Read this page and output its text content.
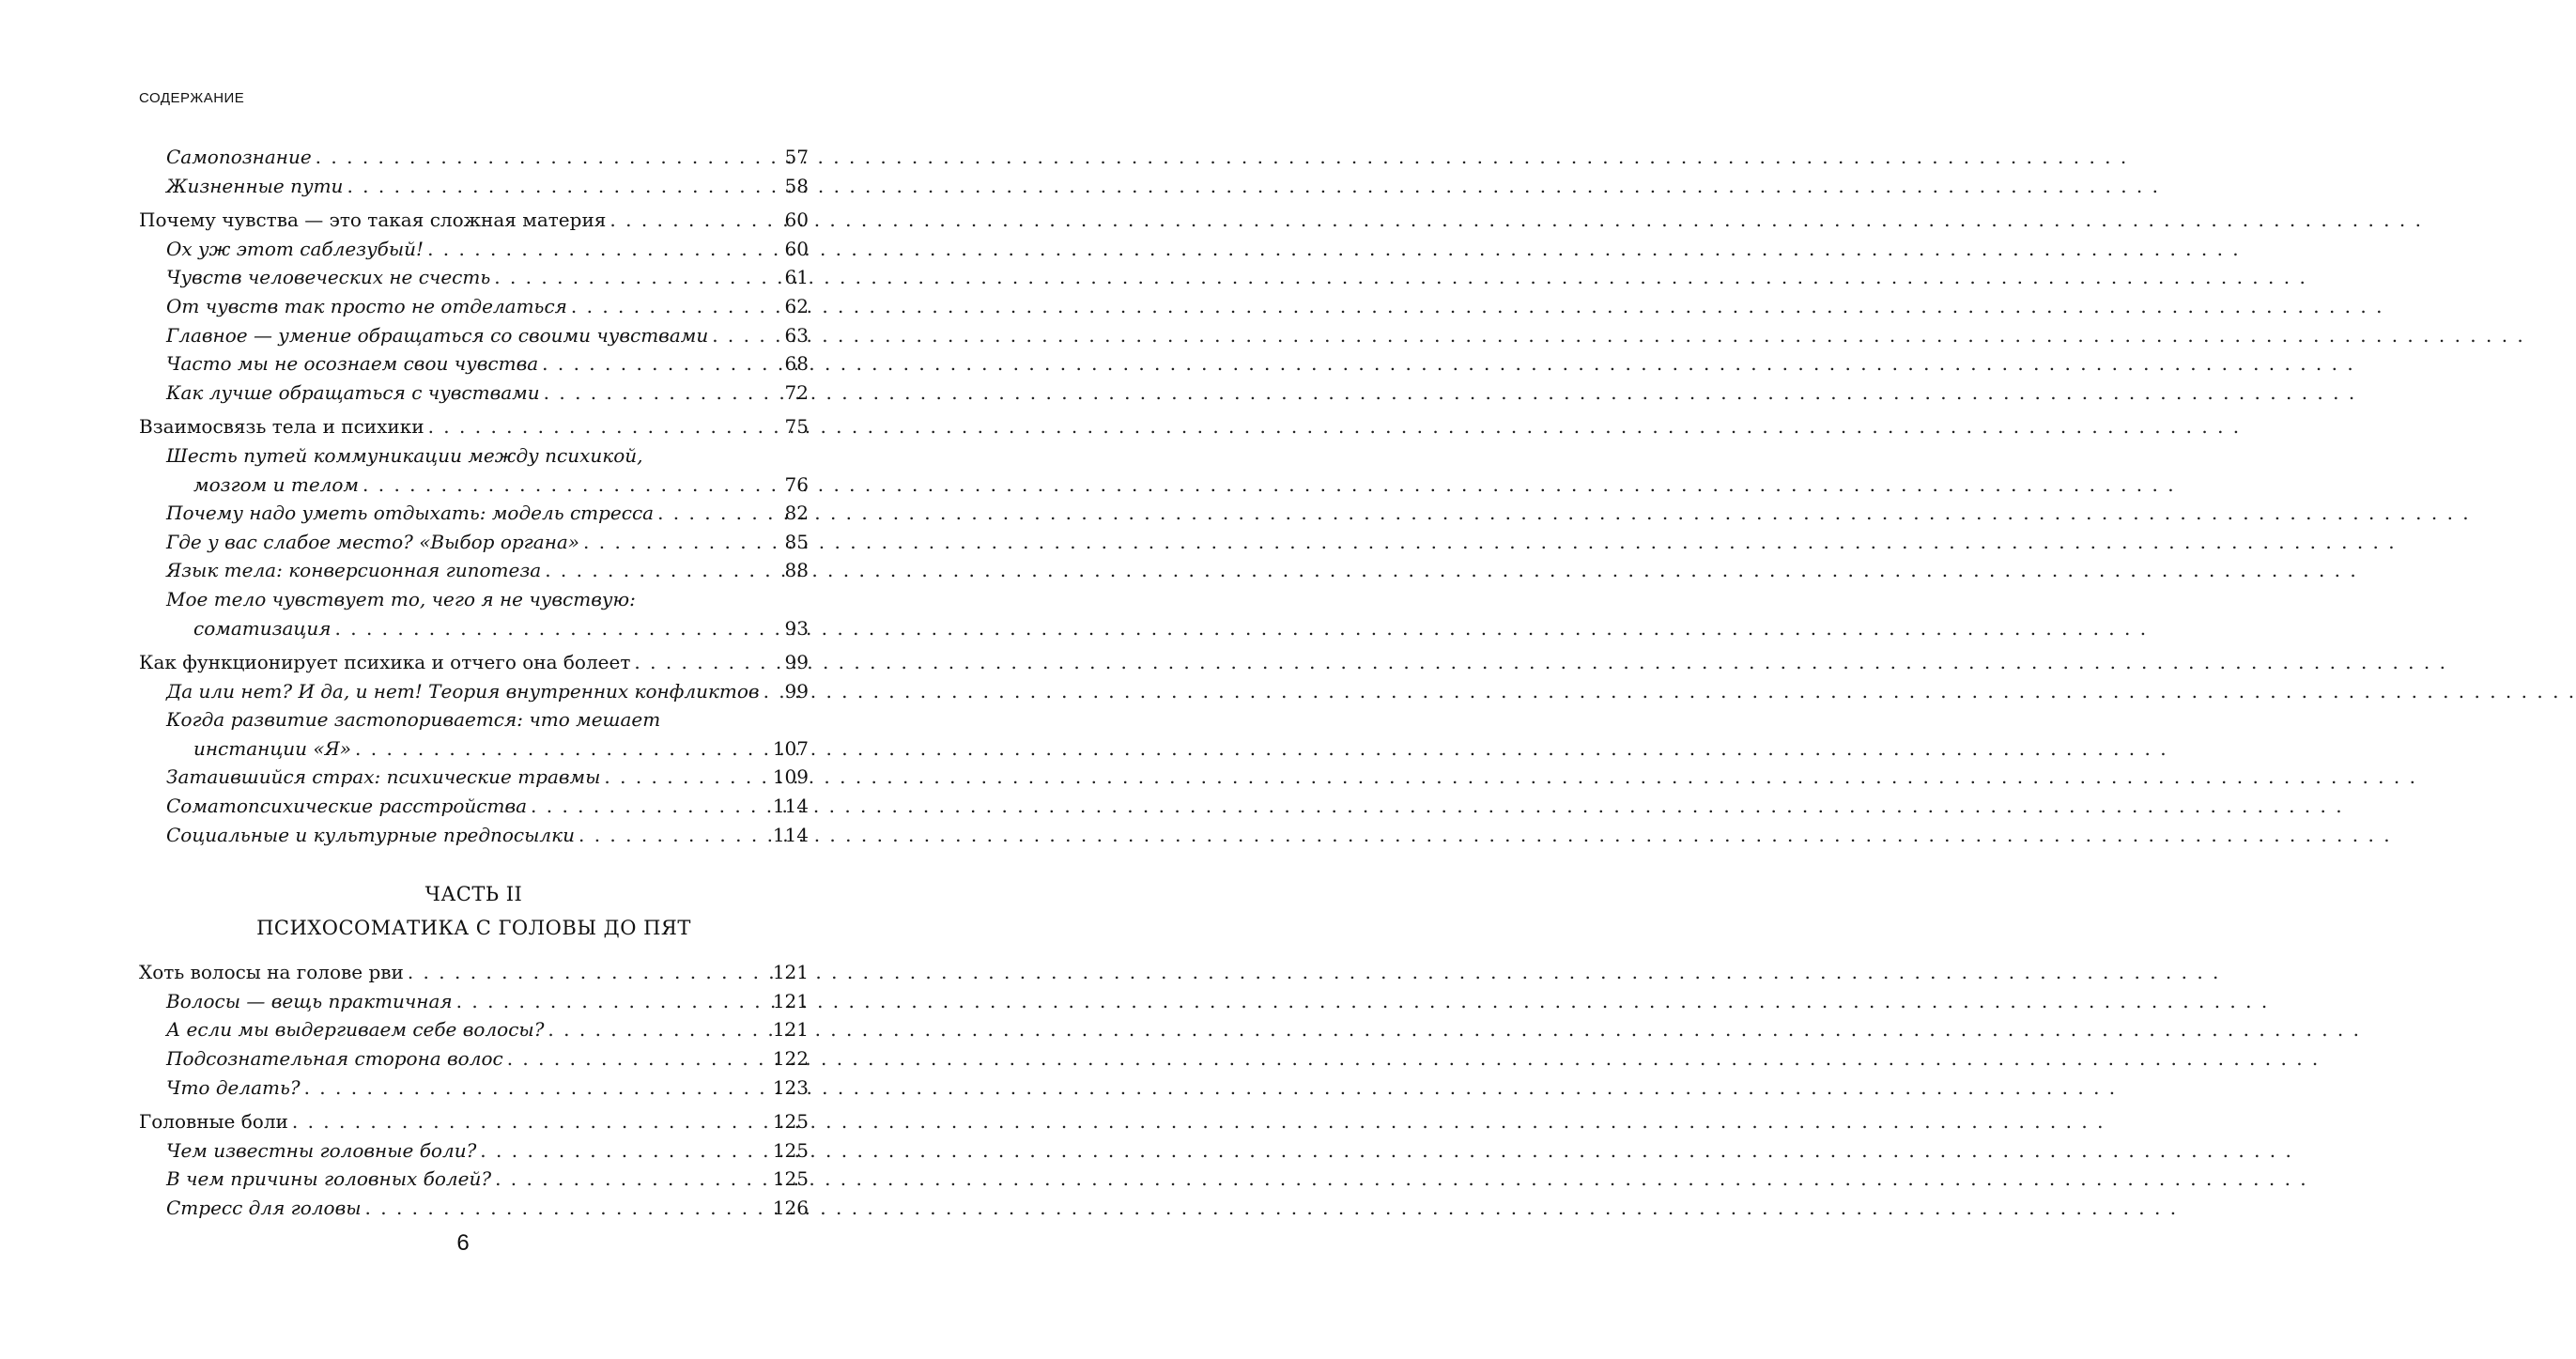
СОДЕРЖАНИЕ
Самопознание . . .	57
Жизненные пути . . .	58
Почему чувства — это такая сложная материя . . .	60
Ох уж этот саблезубый! . . .	60
Чувств человеческих не счесть . . .	61
От чувств так просто не отделаться . . .	62
Главное — умение обращаться со своими чувствами . . .	63
Часто мы не осознаем свои чувства . . .	68
Как лучше обращаться с чувствами . . .	72
Взаимосвязь тела и психики . . .	75
Шесть путей коммуникации между психикой,
мозгом и телом . . .	76
Почему надо уметь отдыхать: модель стресса . . .	82
Где у вас слабое место? «Выбор органа» . . .	85
Язык тела: конверсионная гипотеза . . .	88
Мое тело чувствует то, чего я не чувствую:
соматизация . . .	93
Как функционирует психика и отчего она болеет . . .	99
Да или нет? И да, и нет! Теория внутренних конфликтов . . . 99
Когда развитие застопоривается: что мешает
инстанции «Я» . . .	107
Затаившийся страх: психические травмы . . .	109
Соматопсихические расстройства . . .	114
Социальные и культурные предпосылки . . .	114
ЧАСТЬ II
ПСИХОСОМАТИКА С ГОЛОВЫ ДО ПЯТ
Хоть волосы на голове рви . . .	121
Волосы — вещь практичная . . .	121
А если мы выдергиваем себе волосы? . . .	121
Подсознательная сторона волос . . .	122
Что делать? . . .	123
Головные боли . . .	125
Чем известны головные боли? . . .	125
В чем причины головных болей? . . .	125
Стресс для головы . . .	126
6
